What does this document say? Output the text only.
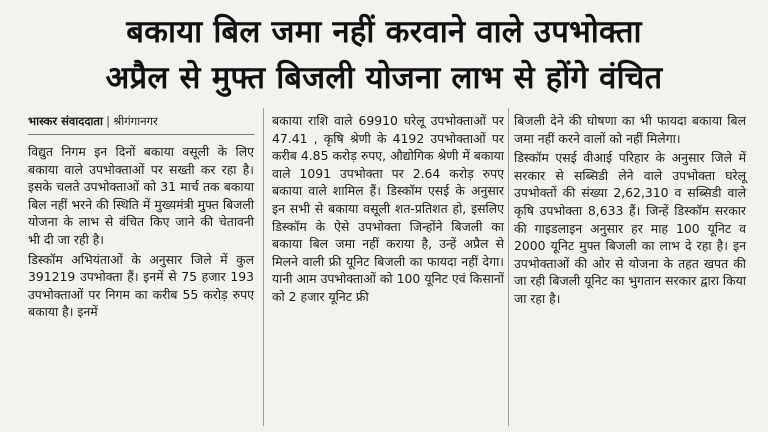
बकाया बिल जमा नहीं करवाने वाले उपभोक्ता
अप्रैल से मुफ्त बिजली योजना लाभ से होंगे वंचित
भास्कर संवाददाता | श्रीगंगानगर

विद्युत निगम इन दिनों बकाया वसूली के लिए बकाया वाले उपभोक्ताओं पर सख्ती कर रहा है। इसके चलते उपभोक्ताओं को 31 मार्च तक बकाया बिल नहीं भरने की स्थिति में मुख्यमंत्री मुफ्त बिजली योजना के लाभ से वंचित किए जाने की चेतावनी भी दी जा रही है।

डिस्कॉम अभियंताओं के अनुसार जिले में कुल 391219 उपभोक्ता हैं। इनमें से 75 हजार 193 उपभोक्ताओं पर निगम का करीब 55 करोड़ रुपए बकाया है। इनमें

बकाया राशि वाले 69910 घरेलू उपभोक्ताओं पर 47.41 , कृषि श्रेणी के 4192 उपभोक्ताओं पर करीब 4.85 करोड़ रुपए, औद्योगिक श्रेणी में बकाया वाले 1091 उपभोक्ता पर 2.64 करोड़ रुपए बकाया वाले शामिल हैं। डिस्कॉम एसई के अनुसार इन सभी से बकाया वसूली शत-प्रतिशत हो, इसलिए डिस्कॉम के ऐसे उपभोक्ता जिन्होंने बिजली का बकाया बिल जमा नहीं कराया है, उन्हें अप्रैल से मिलने वाली फ्री यूनिट बिजली का फायदा नहीं देगा। यानी आम उपभोक्ताओं को 100 यूनिट एवं किसानों को 2 हजार यूनिट फ्री

बिजली देने की घोषणा का भी फायदा बकाया बिल जमा नहीं करने वालों को नहीं मिलेगा।

डिस्कॉम एसई वीआई परिहार के अनुसार जिले में सरकार से सब्सिडी लेने वाले उपभोक्ता घरेलू उपभोक्तों की संख्या 2,62,310 व सब्सिडी वाले कृषि उपभोक्ता 8,633 हैं। जिन्हें डिस्कॉम सरकार की गाइडलाइन अनुसार हर माह 100 यूनिट व 2000 यूनिट मुफ्त बिजली का लाभ दे रहा है। इन उपभोक्ताओं की ओर से योजना के तहत खपत की जा रही बिजली यूनिट का भुगतान सरकार द्वारा किया जा रहा है।
